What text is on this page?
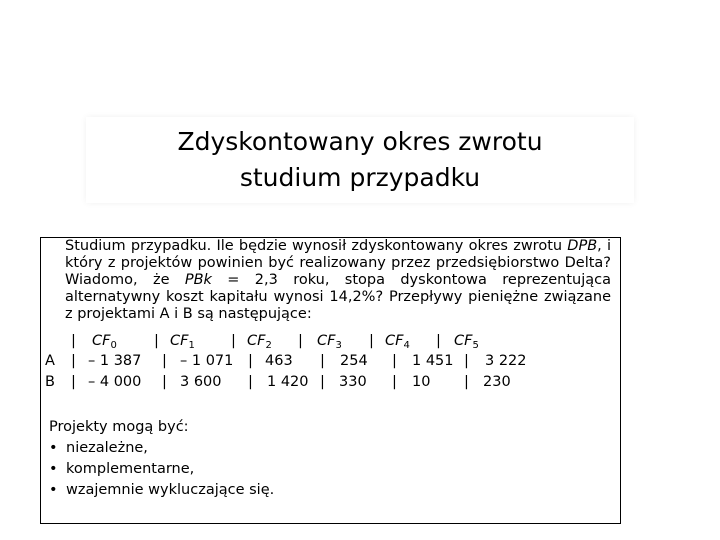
Zdyskontowany okres zwrotu
studium przypadku

Studium przypadku. Ile będzie wynosił zdyskontowany okres zwrotu DPB, i który z projektów powinien być realizowany przez przedsiębiorstwo Delta? Wiadomo, że PBk = 2,3 roku, stopa dyskontowa reprezentująca alternatywny koszt kapitału wynosi 14,2%? Przepływy pieniężne związane z projektami A i B są następujące:

| $CF_0$	| $CF_1$ | $CF_2$ | $CF_3$ | $CF_4$ | $CF_5$
A | – 1 387 | – 1 071 | 463 | 254 | 1 451 | 3 222
B | – 4 000 | 3 600 | 1 420 | 330 | 10 | 230

Projekty mogą być:

• niezależne,
• komplementarne,
• wzajemnie wykluczające się.
